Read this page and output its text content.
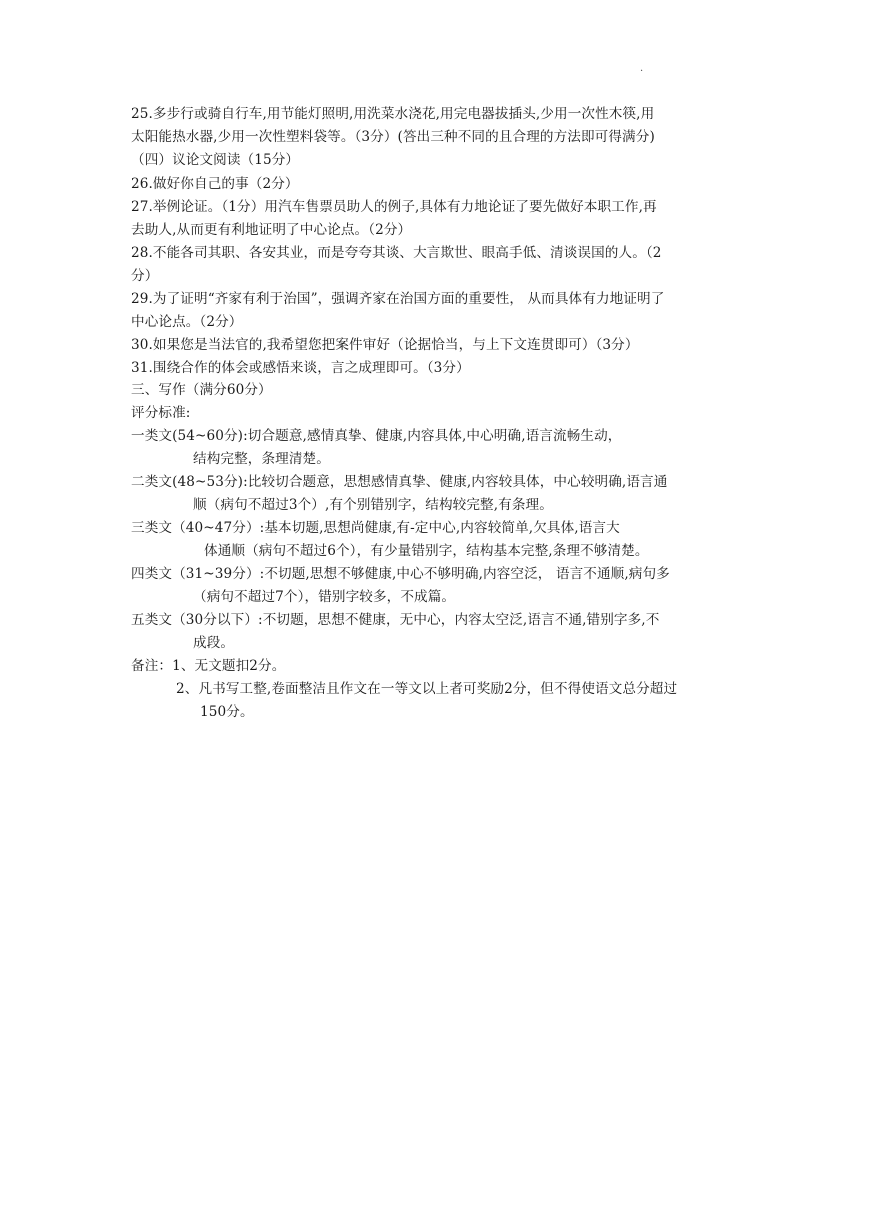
·
25.多步行或骑自行车,用节能灯照明,用洗菜水浇花,用完电器拔插头,少用一次性木筷,用
太阳能热水器,少用一次性塑料袋等。（3分）(答出三种不同的且合理的方法即可得满分)
（四）议论文阅读（15分）
26.做好你自己的事（2分）
27.举例论证。（1分）用汽车售票员助人的例子,具体有力地论证了要先做好本职工作,再
去助人,从而更有利地证明了中心论点。（2分）
28.不能各司其职、各安其业，而是夸夸其谈、大言欺世、眼高手低、清谈误国的人。（2
分）
29.为了证明“齐家有利于治国”，强调齐家在治国方面的重要性， 从而具体有力地证明了
中心论点。（2分）
30.如果您是当法官的,我希望您把案件审好（论据恰当，与上下文连贯即可）（3分）
31.围绕合作的体会或感悟来谈，言之成理即可。（3分）
三、写作（满分60分）
评分标准:
一类文(54~60分):切合题意,感情真挚、健康,内容具体,中心明确,语言流畅生动，
结构完整，条理清楚。
二类文(48~53分):比较切合题意，思想感情真挚、健康,内容较具体，中心较明确,语言通
顺（病句不超过3个）,有个别错别字，结构较完整,有条理。
三类文（40~47分）:基本切题,思想尚健康,有-定中心,内容较简单,欠具体,语言大
体通顺（病句不超过6个），有少量错别字，结构基本完整,条理不够清楚。
四类文（31~39分）:不切题,思想不够健康,中心不够明确,内容空泛， 语言不通顺,病句多
（病句不超过7个），错别字较多，不成篇。
五类文（30分以下）:不切题，思想不健康，无中心，内容太空泛,语言不通,错别字多,不
成段。
备注：1、无文题扣2分。
2、凡书写工整,卷面整洁且作文在一等文以上者可奖励2分，但不得使语文总分超过
150分。
